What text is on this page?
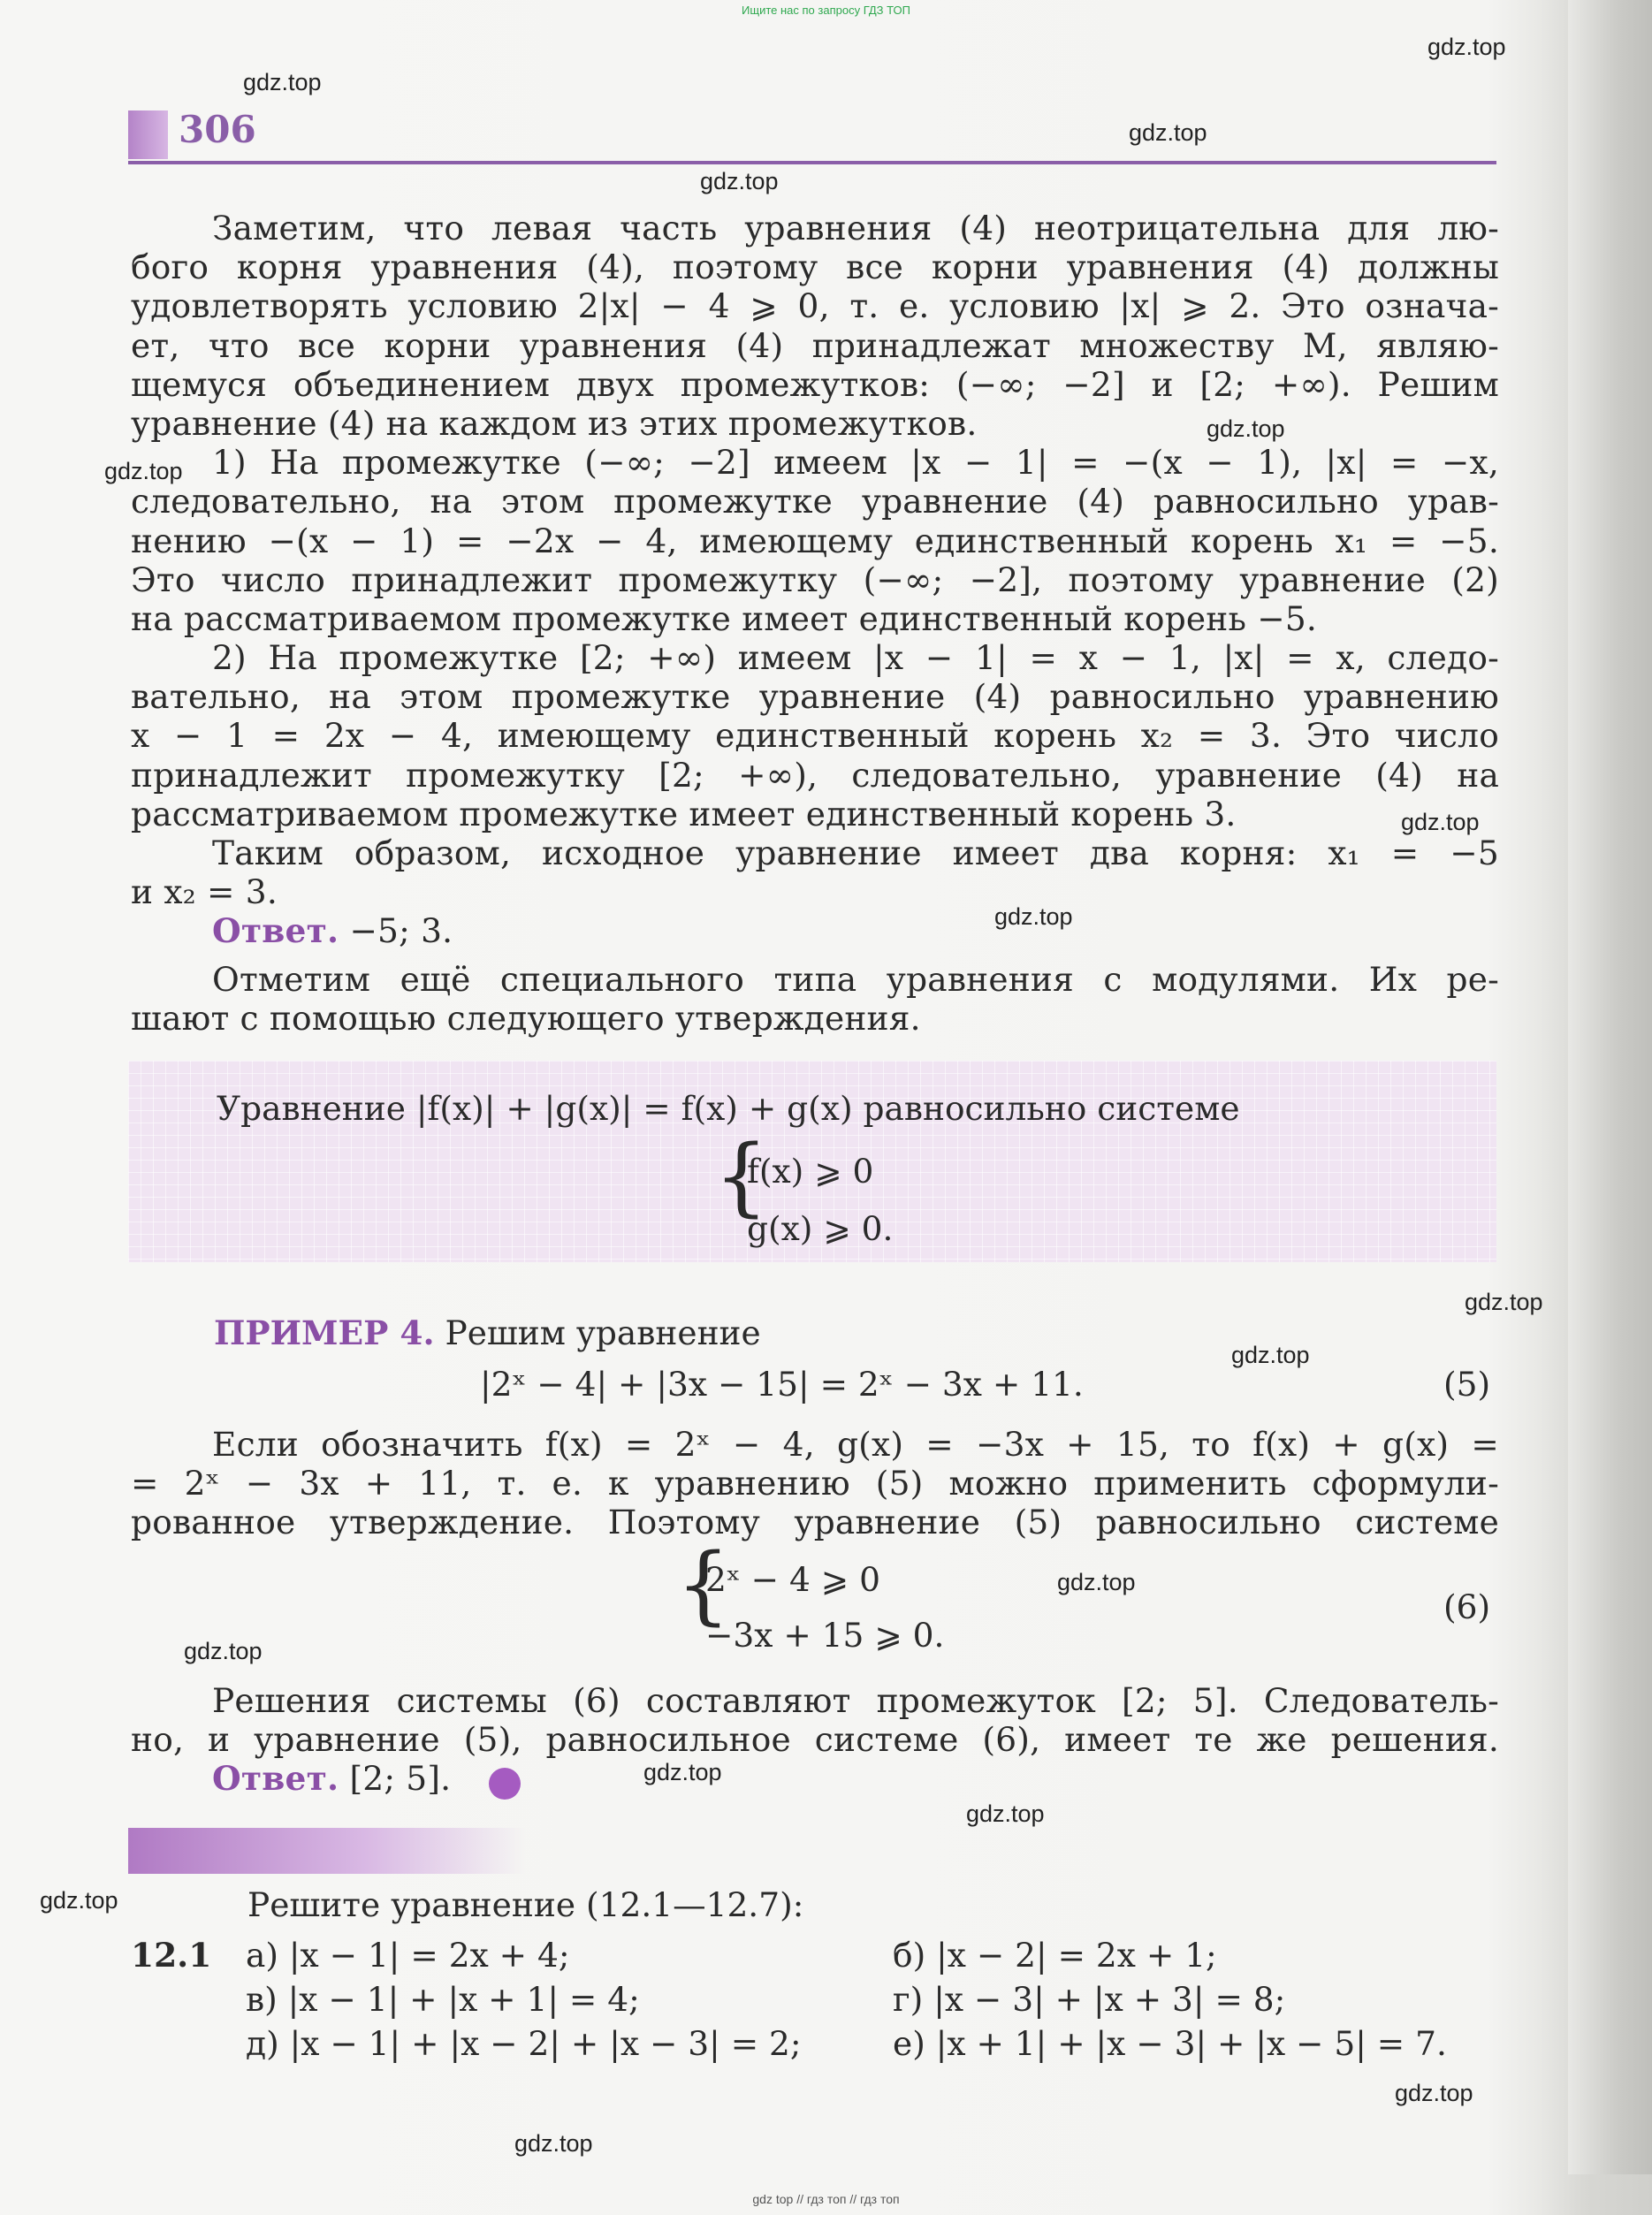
Ищите нас по запросу ГДЗ ТОП
gdz.top
gdz.top
gdz.top
gdz.top
gdz.top
gdz.top
gdz.top
gdz.top
gdz.top
gdz.top
gdz.top
gdz.top
gdz.top
gdz.top
gdz.top
gdz.top
gdz.top
306
Заметим, что левая часть уравнения (4) неотрицательна для лю-
бого корня уравнения (4), поэтому все корни уравнения (4) должны
удовлетворять условию 2|x| − 4 ⩾ 0, т. е. условию |x| ⩾ 2. Это означа-
ет, что все корни уравнения (4) принадлежат множеству M, являю-
щемуся объединением двух промежутков: (−∞; −2] и [2; +∞). Решим
уравнение (4) на каждом из этих промежутков.
1) На промежутке (−∞; −2] имеем |x − 1| = −(x − 1), |x| = −x,
следовательно, на этом промежутке уравнение (4) равносильно урав-
нению −(x − 1) = −2x − 4, имеющему единственный корень x₁ = −5.
Это число принадлежит промежутку (−∞; −2], поэтому уравнение (2)
на рассматриваемом промежутке имеет единственный корень −5.
2) На промежутке [2; +∞) имеем |x − 1| = x − 1, |x| = x, следо-
вательно, на этом промежутке уравнение (4) равносильно уравнению
x − 1 = 2x − 4, имеющему единственный корень x₂ = 3. Это число
принадлежит промежутку [2; +∞), следовательно, уравнение (4) на
рассматриваемом промежутке имеет единственный корень 3.
Таким образом, исходное уравнение имеет два корня: x₁ = −5
и x₂ = 3.
Ответ. −5; 3.
Отметим ещё специального типа уравнения с модулями. Их ре-
шают с помощью следующего утверждения.
Уравнение |f(x)| + |g(x)| = f(x) + g(x) равносильно системе
{
f(x) ⩾ 0
g(x) ⩾ 0.
ПРИМЕР 4. Решим уравнение
|2ˣ − 4| + |3x − 15| = 2ˣ − 3x + 11.	(5)
Если обозначить f(x) = 2ˣ − 4, g(x) = −3x + 15, то f(x) + g(x) =
= 2ˣ − 3x + 11, т. е. к уравнению (5) можно применить сформули-
рованное утверждение. Поэтому уравнение (5) равносильно системе
{
2ˣ − 4 ⩾ 0
−3x + 15 ⩾ 0.
(6)
Решения системы (6) составляют промежуток [2; 5]. Следователь-
но, и уравнение (5), равносильное системе (6), имеет те же решения.
Ответ. [2; 5].
Решите уравнение (12.1—12.7):
12.1 а) |x − 1| = 2x + 4;	б) |x − 2| = 2x + 1;
в) |x − 1| + |x + 1| = 4;	г) |x − 3| + |x + 3| = 8;
д) |x − 1| + |x − 2| + |x − 3| = 2;	е) |x + 1| + |x − 3| + |x − 5| = 7.
gdz top // гдз топ // гдз топ
